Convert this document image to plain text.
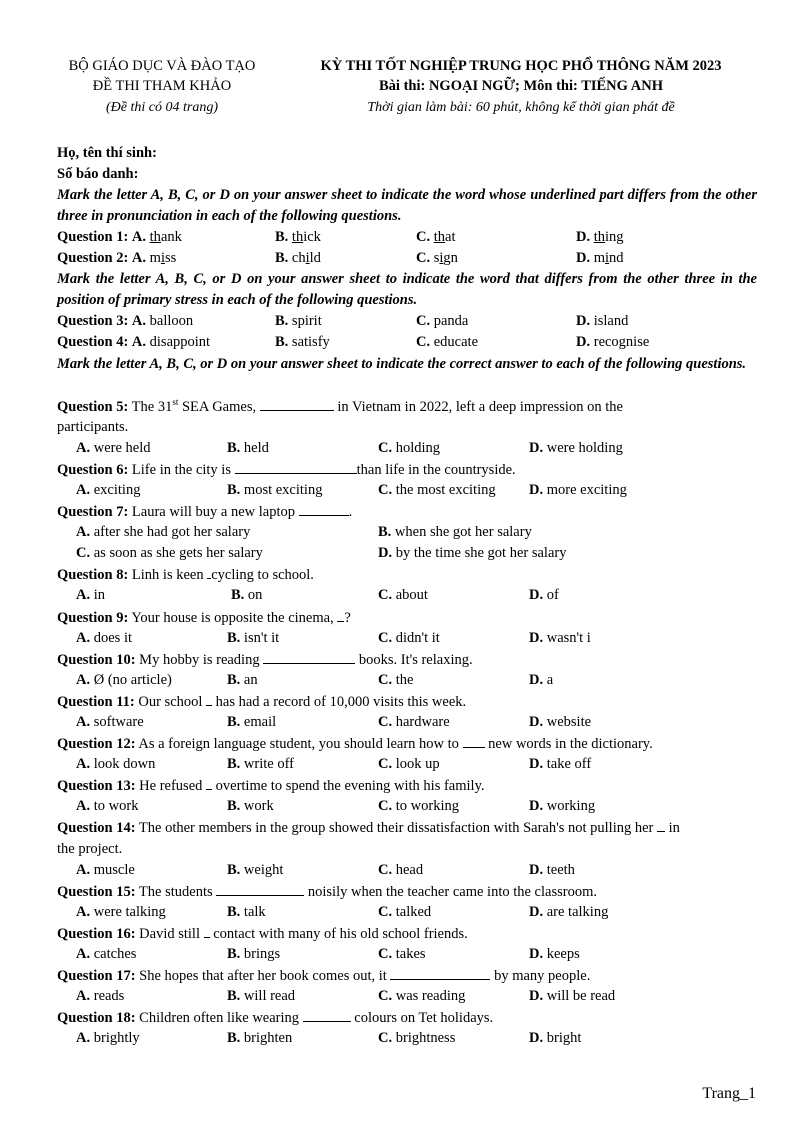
BỘ GIÁO DỤC VÀ ĐÀO TẠO
ĐỀ THI THAM KHẢO
(Đề thi có 04 trang)
KỲ THI TỐT NGHIỆP TRUNG HỌC PHỔ THÔNG NĂM 2023
Bài thi: NGOẠI NGỮ; Môn thi: TIẾNG ANH
Thời gian làm bài: 60 phút, không kể thời gian phát đề
Họ, tên thí sinh:
Số báo danh:
Mark the letter A, B, C, or D on your answer sheet to indicate the word whose underlined part differs from the other three in pronunciation in each of the following questions.
Question 1: A. thank	B. thick	C. that	D. thing
Question 2: A. miss	B. child	C. sign	D. mind
Mark the letter A, B, C, or D on your answer sheet to indicate the word that differs from the other three in the position of primary stress in each of the following questions.
Question 3: A. balloon	B. spirit	C. panda	D. island
Question 4: A. disappoint	B. satisfy	C. educate	D. recognise
Mark the letter A, B, C, or D on your answer sheet to indicate the correct answer to each of the following questions.
Question 5: The 31st SEA Games,	in Vietnam in 2022, left a deep impression on the
participants.
A. were held	B. held	C. holding	D. were holding
Question 6: Life in the city is	than life in the countryside.
A. exciting	B. most exciting	C. the most exciting D. more exciting
Question 7: Laura will buy a new laptop	.
A. after she had got her salary	B. when she got her salary
C. as soon as she gets her salary	D. by the time she got her salary
Question 8: Linh is keen cycling to school.
A. in	B. on	C. about	D. of
Question 9: Your house is opposite the cinema, ?
A. does it	B. isn't it	C. didn't it	D. wasn't i
Question 10: My hobby is reading	books. It's relaxing.
A. Ø (no article)	B. an	C. the	D. a
Question 11: Our school has had a record of 10,000 visits this week.
A. software	B. email	C. hardware	D. website
Question 12: As a foreign language student, you should learn how to new words in the dictionary.
A. look down	B. write off	C. look up	D. take off
Question 13: He refused overtime to spend the evening with his family.
A. to work	B. work	C. to working	D. working
Question 14: The other members in the group showed their dissatisfaction with Sarah's not pulling her in
the project.
A. muscle	B. weight	C. head	D. teeth
Question 15: The students	noisily when the teacher came into the classroom.
A. were talking	B. talk	C. talked	D. are talking
Question 16: David still contact with many of his old school friends.
A. catches	B. brings	C. takes	D. keeps
Question 17: She hopes that after her book comes out, it	by many people.
A. reads	B. will read	C. was reading	D. will be read
Question 18: Children often like wearing	colours on Tet holidays.
A. brightly	B. brighten	C. brightness	D. bright
Trang_1
